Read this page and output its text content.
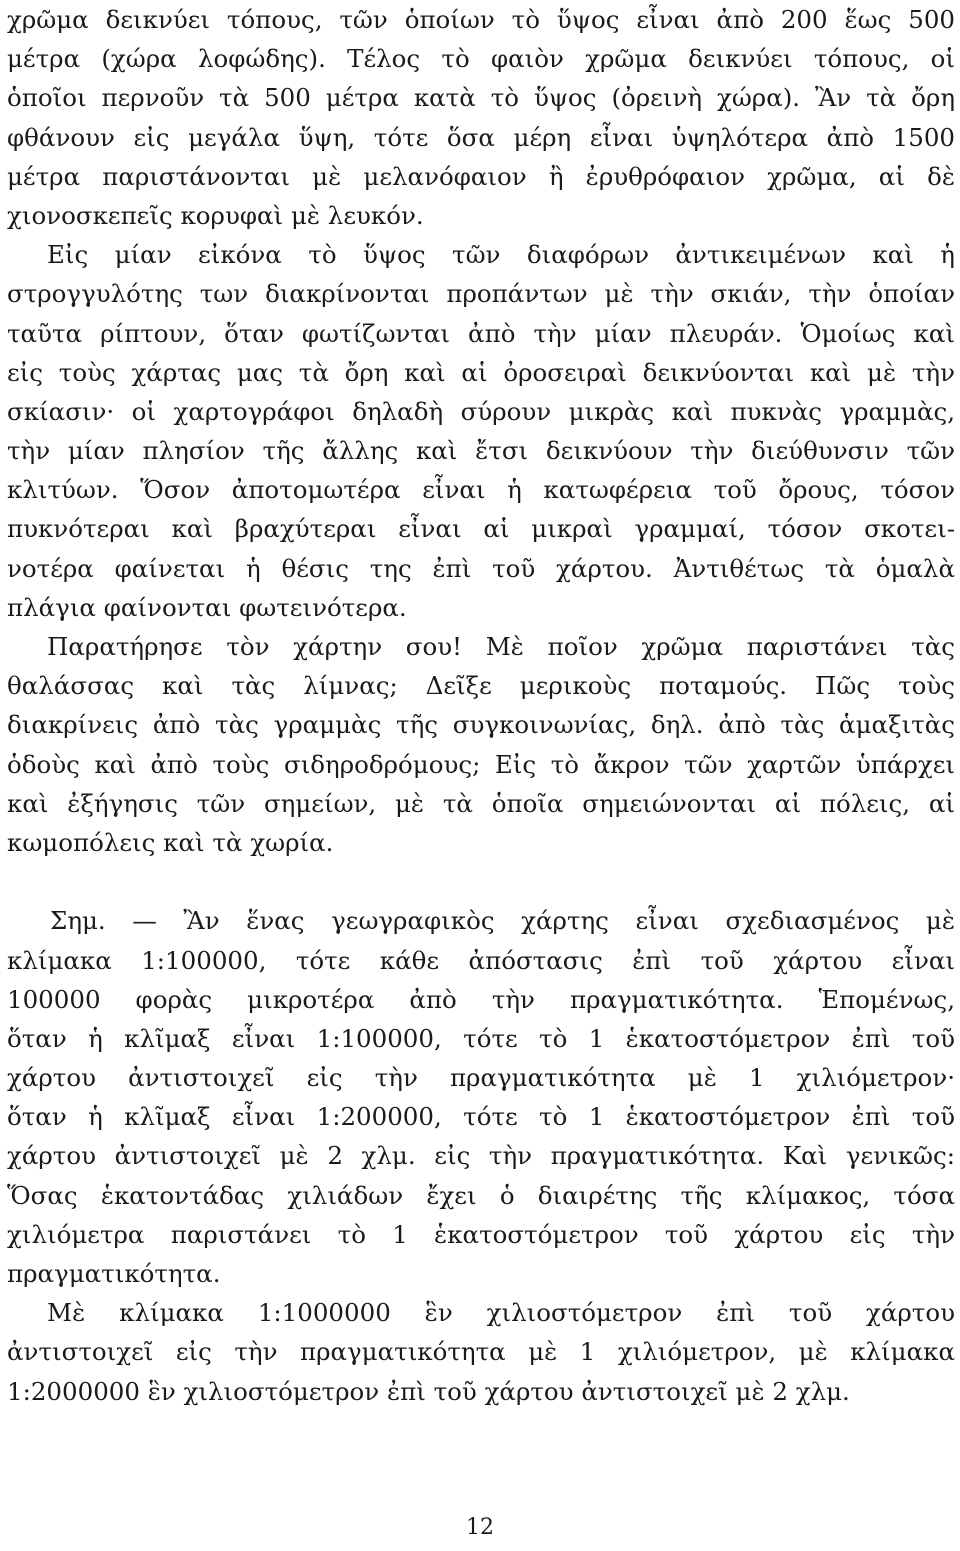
χρῶμα δεικνύει τόπους, τῶν ὁποίων τὸ ὕψος εἶναι ἀπὸ 200 ἕως 500
μέτρα (χώρα λοφώδης). Τέλος τὸ φαιὸν χρῶμα δεικνύει τόπους, οἱ
ὁποῖοι περνοῦν τὰ 500 μέτρα κατὰ τὸ ὕψος (ὀρεινὴ χώρα). Ἂν τὰ ὄρη
φθάνουν εἰς μεγάλα ὕψη, τότε ὅσα μέρη εἶναι ὑψηλότερα ἀπὸ 1500
μέτρα παριστάνονται μὲ μελανόφαιον ἢ ἐρυθρόφαιον χρῶμα, αἱ δὲ
χιονοσκεπεῖς κορυφαὶ μὲ λευκόν.
Εἰς μίαν εἰκόνα τὸ ὕψος τῶν διαφόρων ἀντικειμένων καὶ ἡ
στρογγυλότης των διακρίνονται προπάντων μὲ τὴν σκιάν, τὴν ὁποίαν
ταῦτα ρίπτουν, ὅταν φωτίζωνται ἀπὸ τὴν μίαν πλευράν. Ὁμοίως καὶ
εἰς τοὺς χάρτας μας τὰ ὄρη καὶ αἱ ὀροσειραὶ δεικνύονται καὶ μὲ τὴν
σκίασιν· οἱ χαρτογράφοι δηλαδὴ σύρουν μικρὰς καὶ πυκνὰς γραμμὰς,
τὴν μίαν πλησίον τῆς ἄλλης καὶ ἔτσι δεικνύουν τὴν διεύθυνσιν τῶν
κλιτύων. Ὅσον ἀποτομωτέρα εἶναι ἡ κατωφέρεια τοῦ ὄρους, τόσον
πυκνότεραι καὶ βραχύτεραι εἶναι αἱ μικραὶ γραμμαί, τόσον σκοτει-
νοτέρα φαίνεται ἡ θέσις της ἐπὶ τοῦ χάρτου. Ἀντιθέτως τὰ ὁμαλὰ
πλάγια φαίνονται φωτεινότερα.
Παρατήρησε τὸν χάρτην σου! Μὲ ποῖον χρῶμα παριστάνει τὰς
θαλάσσας καὶ τὰς λίμνας; Δεῖξε μερικοὺς ποταμούς. Πῶς τοὺς
διακρίνεις ἀπὸ τὰς γραμμὰς τῆς συγκοινωνίας, δηλ. ἀπὸ τὰς ἁμαξιτὰς
ὁδοὺς καὶ ἀπὸ τοὺς σιδηροδρόμους; Εἰς τὸ ἄκρον τῶν χαρτῶν ὑπάρχει
καὶ ἐξήγησις τῶν σημείων, μὲ τὰ ὁποῖα σημειώνονται αἱ πόλεις, αἱ
κωμοπόλεις καὶ τὰ χωρία.
Σημ. — Ἂν ἕνας γεωγραφικὸς χάρτης εἶναι σχεδιασμένος μὲ
κλίμακα 1:100000, τότε κάθε ἀπόστασις ἐπὶ τοῦ χάρτου εἶναι
100000 φορὰς μικροτέρα ἀπὸ τὴν πραγματικότητα. Ἑπομένως,
ὅταν ἡ κλῖμαξ εἶναι 1:100000, τότε τὸ 1 ἑκατοστόμετρον ἐπὶ τοῦ
χάρτου ἀντιστοιχεῖ εἰς τὴν πραγματικότητα μὲ 1 χιλιόμετρον·
ὅταν ἡ κλῖμαξ εἶναι 1:200000, τότε τὸ 1 ἑκατοστόμετρον ἐπὶ τοῦ
χάρτου ἀντιστοιχεῖ μὲ 2 χλμ. εἰς τὴν πραγματικότητα. Καὶ γενικῶς:
Ὅσας ἑκατοντάδας χιλιάδων ἔχει ὁ διαιρέτης τῆς κλίμακος, τόσα
χιλιόμετρα παριστάνει τὸ 1 ἑκατοστόμετρον τοῦ χάρτου εἰς τὴν
πραγματικότητα.
Μὲ κλίμακα 1:1000000 ἓν χιλιοστόμετρον ἐπὶ τοῦ χάρτου
ἀντιστοιχεῖ εἰς τὴν πραγματικότητα μὲ 1 χιλιόμετρον, μὲ κλίμακα
1:2000000 ἓν χιλιοστόμετρον ἐπὶ τοῦ χάρτου ἀντιστοιχεῖ μὲ 2 χλμ.
12
